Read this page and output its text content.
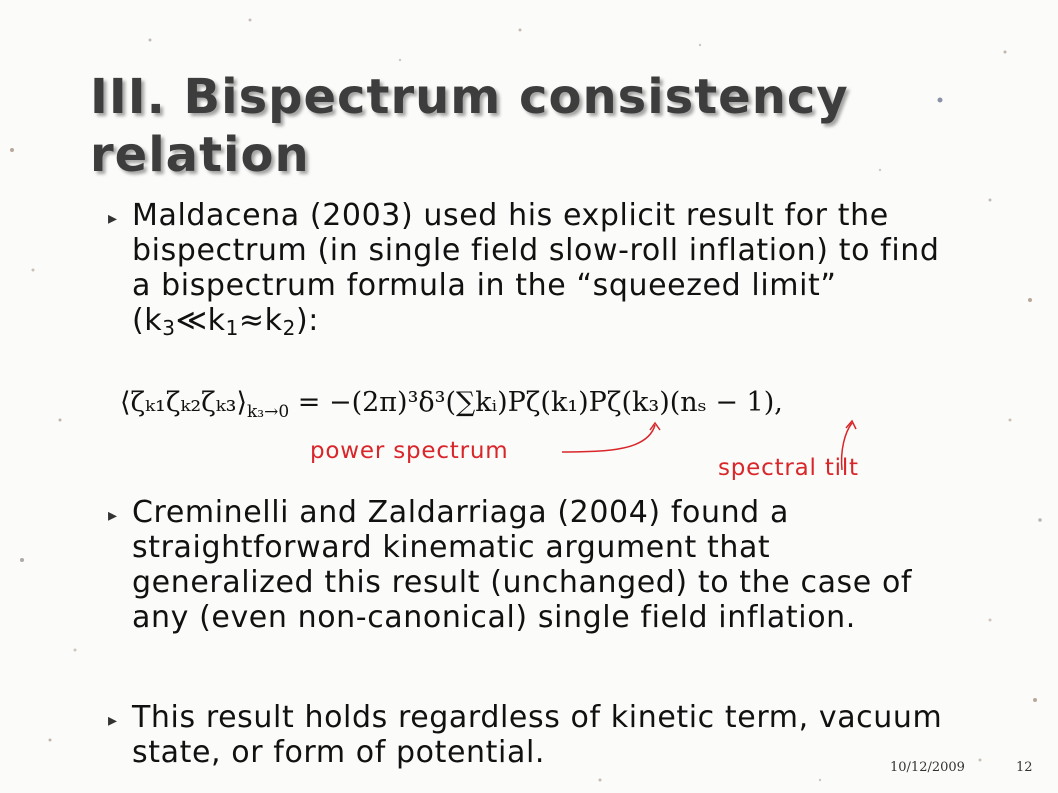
III. Bispectrum consistency relation
▸ Maldacena (2003) used his explicit result for the bispectrum (in single field slow-roll inflation) to find a bispectrum formula in the “squeezed limit” $(k_3≪k_1\approx k_2)$:
$⟨\zeta_{k1}\zeta_{k2}\zeta_{k3}⟩_{k_3\to 0}$ = −(2π)³δ³(∑kᵢ)Pζ(k₁)Pζ(k₃)(nₛ − 1),
power spectrum
spectral tilt
▸ Creminelli and Zaldarriaga (2004) found a straightforward kinematic argument that generalized this result (unchanged) to the case of any (even non-canonical) single field inflation.
▸ This result holds regardless of kinetic term, vacuum state, or form of potential.	10/12/2009	12
